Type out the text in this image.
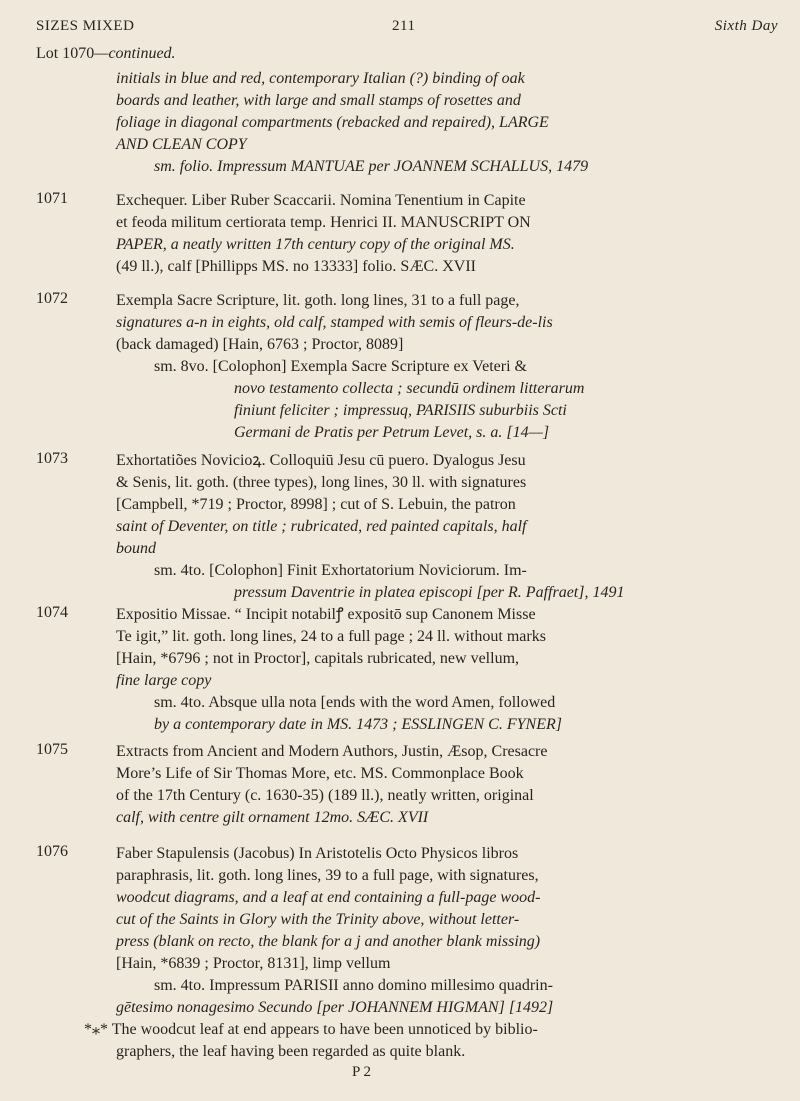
SIZES MIXED	211	Sixth Day
Lot 1070—continued.
initials in blue and red, contemporary Italian (?) binding of oak
boards and leather, with large and small stamps of rosettes and
foliage in diagonal compartments (rebacked and repaired), LARGE
AND CLEAN COPY
sm. folio. Impressum MANTUAE per JOANNEM SCHALLUS, 1479
1071	Exchequer. Liber Ruber Scaccarii. Nomina Tenentium in Capite
et feoda militum certiorata temp. Henrici II. MANUSCRIPT ON
PAPER, a neatly written 17th century copy of the original MS.
(49 ll.), calf [Phillipps MS. no 13333] folio. SÆC. XVII
1072	Exempla Sacre Scripture, lit. goth. long lines, 31 to a full page,
signatures a-n in eights, old calf, stamped with semis of fleurs-de-lis
(back damaged) [Hain, 6763 ; Proctor, 8089]
sm. 8vo. [Colophon] Exempla Sacre Scripture ex Veteri &
novo testamento collecta ; secundū ordinem litterarum
finiunt feliciter ; impressuq, PARISIIS suburbiis Scti
Germani de Pratis per Petrum Levet, s. a. [14—]
1073	Exhortatiões Novicioꝝ. Colloquiū Jesu cū puero. Dyalogus Jesu
& Senis, lit. goth. (three types), long lines, 30 ll. with signatures
[Campbell, *719 ; Proctor, 8998] ; cut of S. Lebuin, the patron
saint of Deventer, on title ; rubricated, red painted capitals, half
bound
sm. 4to. [Colophon] Finit Exhortatorium Noviciorum. Im-
pressum Daventrie in platea episcopi [per R. Paffraet], 1491
1074	Expositio Missae. “ Incipit notabilꝭ expositō sup Canonem Misse
Te igit,” lit. goth. long lines, 24 to a full page ; 24 ll. without marks
[Hain, *6796 ; not in Proctor], capitals rubricated, new vellum,
fine large copy
sm. 4to. Absque ulla nota [ends with the word Amen, followed
by a contemporary date in MS. 1473 ; ESSLINGEN C. FYNER]
1075	Extracts from Ancient and Modern Authors, Justin, Æsop, Cresacre
More’s Life of Sir Thomas More, etc. MS. Commonplace Book
of the 17th Century (c. 1630-35) (189 ll.), neatly written, original
calf, with centre gilt ornament 12mo. SÆC. XVII
1076	Faber Stapulensis (Jacobus) In Aristotelis Octo Physicos libros
paraphrasis, lit. goth. long lines, 39 to a full page, with signatures,
woodcut diagrams, and a leaf at end containing a full-page wood-
cut of the Saints in Glory with the Trinity above, without letter-
press (blank on recto, the blank for a j and another blank missing)
[Hain, *6839 ; Proctor, 8131], limp vellum
sm. 4to. Impressum PARISII anno domino millesimo quadrin-
gētesimo nonagesimo Secundo [per JOHANNEM HIGMAN] [1492]
*⁎* The woodcut leaf at end appears to have been unnoticed by biblio-
graphers, the leaf having been regarded as quite blank.
P 2
